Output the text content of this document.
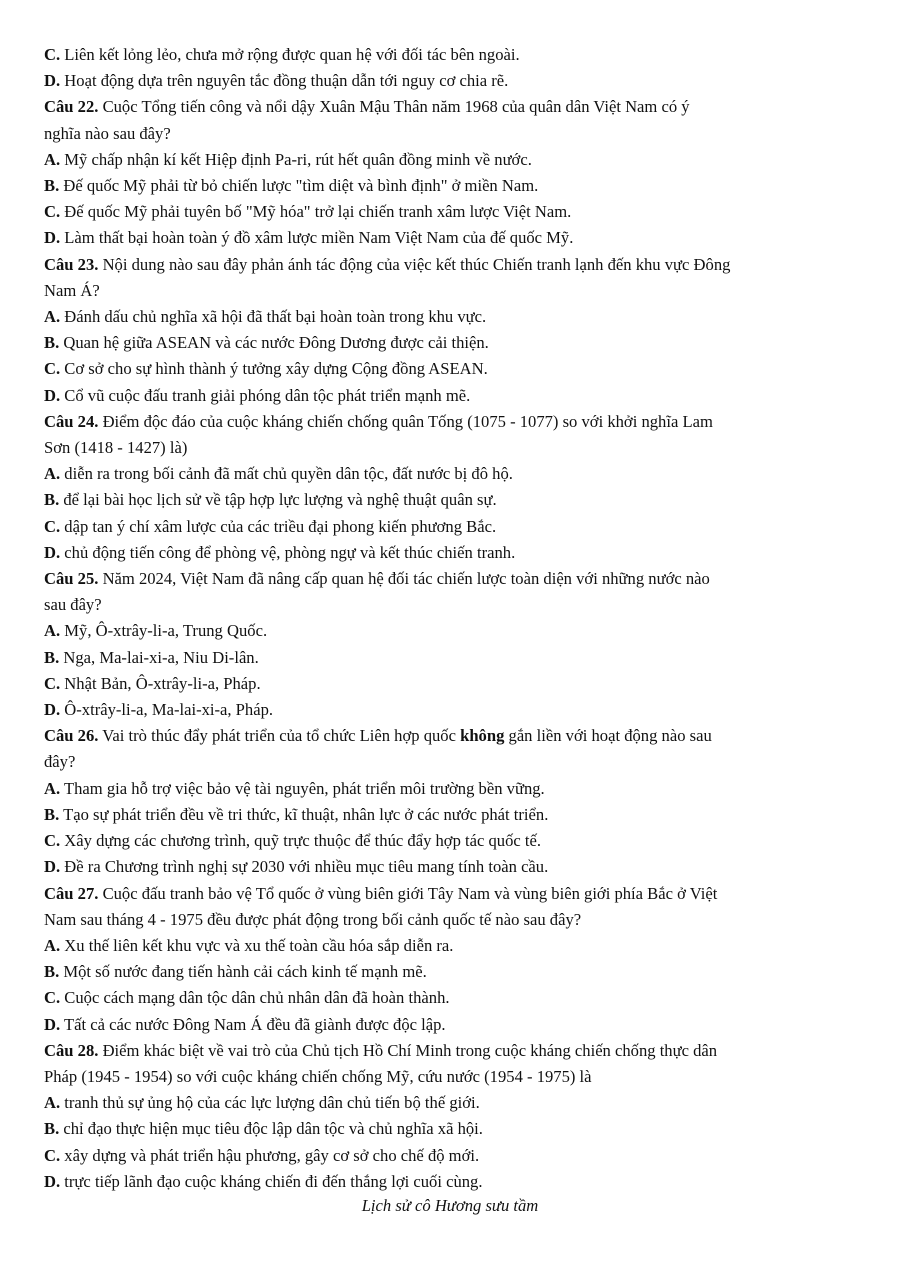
C. Liên kết lỏng lẻo, chưa mở rộng được quan hệ với đối tác bên ngoài.
D. Hoạt động dựa trên nguyên tắc đồng thuận dẫn tới nguy cơ chia rẽ.
Câu 22. Cuộc Tổng tiến công và nổi dậy Xuân Mậu Thân năm 1968 của quân dân Việt Nam có ý
nghĩa nào sau đây?
A. Mỹ chấp nhận kí kết Hiệp định Pa-ri, rút hết quân đồng minh về nước.
B. Đế quốc Mỹ phải từ bỏ chiến lược "tìm diệt và bình định" ở miền Nam.
C. Đế quốc Mỹ phải tuyên bố "Mỹ hóa" trở lại chiến tranh xâm lược Việt Nam.
D. Làm thất bại hoàn toàn ý đồ xâm lược miền Nam Việt Nam của đế quốc Mỹ.
Câu 23. Nội dung nào sau đây phản ánh tác động của việc kết thúc Chiến tranh lạnh đến khu vực Đông
Nam Á?
A. Đánh dấu chủ nghĩa xã hội đã thất bại hoàn toàn trong khu vực.
B. Quan hệ giữa ASEAN và các nước Đông Dương được cải thiện.
C. Cơ sở cho sự hình thành ý tưởng xây dựng Cộng đồng ASEAN.
D. Cổ vũ cuộc đấu tranh giải phóng dân tộc phát triển mạnh mẽ.
Câu 24. Điểm độc đáo của cuộc kháng chiến chống quân Tống (1075 - 1077) so với khởi nghĩa Lam
Sơn (1418 - 1427) là)
A. diễn ra trong bối cảnh đã mất chủ quyền dân tộc, đất nước bị đô hộ.
B. để lại bài học lịch sử về tập hợp lực lượng và nghệ thuật quân sự.
C. dập tan ý chí xâm lược của các triều đại phong kiến phương Bắc.
D. chủ động tiến công để phòng vệ, phòng ngự và kết thúc chiến tranh.
Câu 25. Năm 2024, Việt Nam đã nâng cấp quan hệ đối tác chiến lược toàn diện với những nước nào
sau đây?
A. Mỹ, Ô-xtrây-li-a, Trung Quốc.
B. Nga, Ma-lai-xi-a, Niu Di-lân.
C. Nhật Bản, Ô-xtrây-li-a, Pháp.
D. Ô-xtrây-li-a, Ma-lai-xi-a, Pháp.
Câu 26. Vai trò thúc đẩy phát triển của tổ chức Liên hợp quốc không gắn liền với hoạt động nào sau
đây?
A. Tham gia hỗ trợ việc bảo vệ tài nguyên, phát triển môi trường bền vững.
B. Tạo sự phát triển đều về tri thức, kĩ thuật, nhân lực ở các nước phát triển.
C. Xây dựng các chương trình, quỹ trực thuộc để thúc đẩy hợp tác quốc tế.
D. Đề ra Chương trình nghị sự 2030 với nhiều mục tiêu mang tính toàn cầu.
Câu 27. Cuộc đấu tranh bảo vệ Tổ quốc ở vùng biên giới Tây Nam và vùng biên giới phía Bắc ở Việt
Nam sau tháng 4 - 1975 đều được phát động trong bối cảnh quốc tế nào sau đây?
A. Xu thế liên kết khu vực và xu thế toàn cầu hóa sắp diễn ra.
B. Một số nước đang tiến hành cải cách kinh tế mạnh mẽ.
C. Cuộc cách mạng dân tộc dân chủ nhân dân đã hoàn thành.
D. Tất cả các nước Đông Nam Á đều đã giành được độc lập.
Câu 28. Điểm khác biệt về vai trò của Chủ tịch Hồ Chí Minh trong cuộc kháng chiến chống thực dân
Pháp (1945 - 1954) so với cuộc kháng chiến chống Mỹ, cứu nước (1954 - 1975) là
A. tranh thủ sự ủng hộ của các lực lượng dân chủ tiến bộ thế giới.
B. chỉ đạo thực hiện mục tiêu độc lập dân tộc và chủ nghĩa xã hội.
C. xây dựng và phát triển hậu phương, gây cơ sở cho chế độ mới.
D. trực tiếp lãnh đạo cuộc kháng chiến đi đến thắng lợi cuối cùng.
Lịch sử cô Hương sưu tầm
